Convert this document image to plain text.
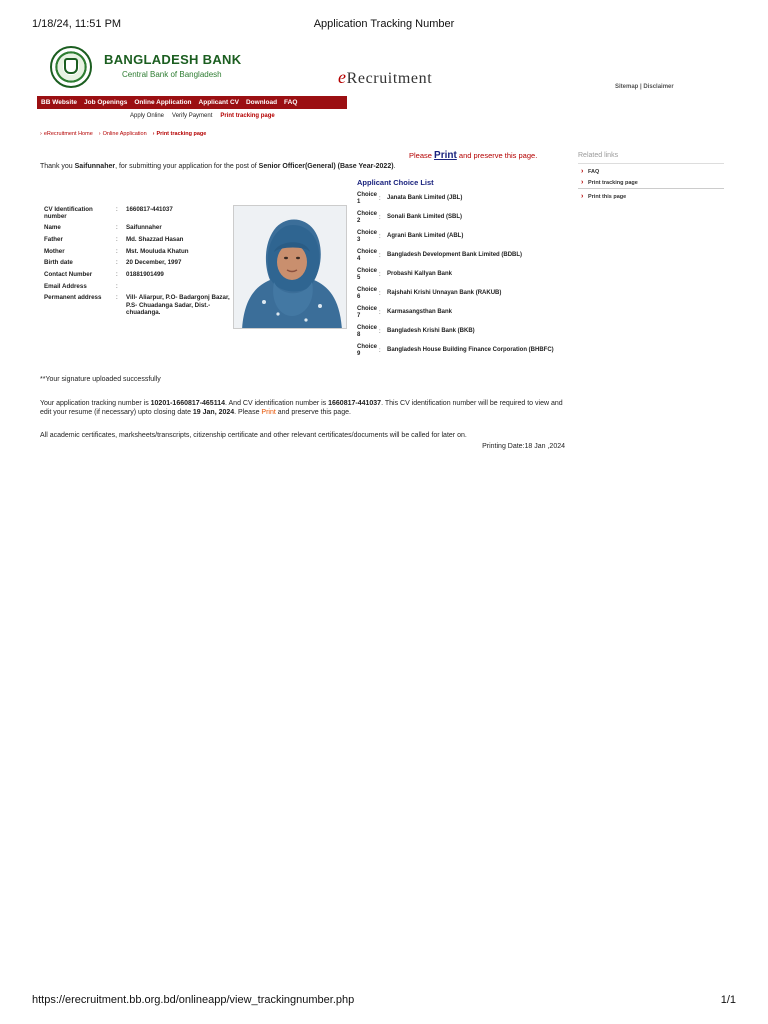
1/18/24, 11:51 PM	Application Tracking Number
BANGLADESH BANK
Central Bank of Bangladesh	eRecruitment	Sitemap | Disclaimer
BB Website Job Openings Online Application Applicant CV Download FAQ
Apply Online Verify Payment Print tracking page
› eRecruitment Home › Online Application › Print tracking page
Please Print and preserve this page.
Thank you Saifunnaher, for submitting your application for the post of Senior Officer(General) (Base Year-2022).
Related links
› FAQ
› Print tracking page
› Print this page
CV Identification number
:	1660817-441037
Name	:	Saifunnaher
Father	:	Md. Shazzad Hasan
Mother	:	Mst. Mouluda Khatun
Birth date	:	20 December, 1997
Contact Number	:	01881901499
Email Address	:
Permanent address	:	Vill- Aliarpur, P.O- Badargonj Bazar, P.S- Chuadanga Sadar, Dist.- chuadanga.
Applicant Choice List
Choice 1	:	Janata Bank Limited (JBL)
Choice 2	:	Sonali Bank Limited (SBL)
Choice 3	:	Agrani Bank Limited (ABL)
Choice 4	:	Bangladesh Development Bank Limited (BDBL)
Choice 5	:	Probashi Kallyan Bank
Choice 6	:	Rajshahi Krishi Unnayan Bank (RAKUB)
Choice 7	:	Karmasangsthan Bank
Choice 8	:	Bangladesh Krishi Bank (BKB)
Choice 9	:	Bangladesh House Building Finance Corporation (BHBFC)
**Your signature uploaded successfully
Your application tracking number is 10201-1660817-465114. And CV identification number is 1660817-441037. This CV identification number will be required to view and edit your resume (if necessary) upto closing date 19 Jan, 2024. Please Print and preserve this page.
All academic certificates, marksheets/transcripts, citizenship certificate and other relevant certificates/documents will be called for later on.
Printing Date:18 Jan ,2024
https://erecruitment.bb.org.bd/onlineapp/view_trackingnumber.php	1/1
